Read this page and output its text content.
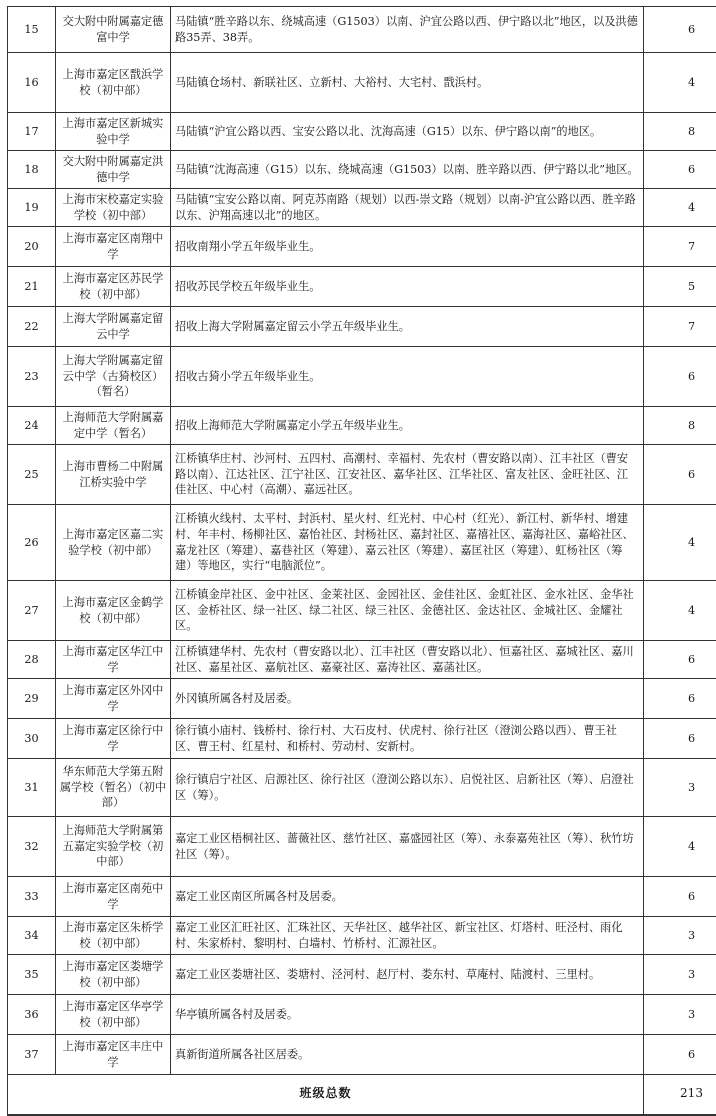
15	交大附中附属嘉定德富中学	马陆镇“胜辛路以东、绕城高速（G1503）以南、沪宜公路以西、伊宁路以北”地区，以及洪德路35弄、38弄。	6
16	上海市嘉定区戬浜学校（初中部）	马陆镇仓场村、新联社区、立新村、大裕村、大宅村、戬浜村。	4
17	上海市嘉定区新城实验中学	马陆镇“沪宜公路以西、宝安公路以北、沈海高速（G15）以东、伊宁路以南”的地区。	8
18	交大附中附属嘉定洪德中学	马陆镇“沈海高速（G15）以东、绕城高速（G1503）以南、胜辛路以西、伊宁路以北”地区。	6
19	上海市宋校嘉定实验学校（初中部）	马陆镇“宝安公路以南、阿克苏南路（规划）以西-崇文路（规划）以南-沪宜公路以西、胜辛路以东、沪翔高速以北”的地区。	4
20	上海市嘉定区南翔中学	招收南翔小学五年级毕业生。	7
21	上海市嘉定区苏民学校（初中部）	招收苏民学校五年级毕业生。	5
22	上海大学附属嘉定留云中学	招收上海大学附属嘉定留云小学五年级毕业生。	7
23	上海大学附属嘉定留云中学（古猗校区）（暂名）	招收古猗小学五年级毕业生。	6
24	上海师范大学附属嘉定中学（暂名）	招收上海师范大学附属嘉定小学五年级毕业生。	8
25	上海市曹杨二中附属江桥实验中学	江桥镇华庄村、沙河村、五四村、高潮村、幸福村、先农村（曹安路以南）、江丰社区（曹安路以南）、江达社区、江宁社区、江安社区、嘉华社区、江华社区、富友社区、金旺社区、江佳社区、中心村（高潮）、嘉远社区。	6
26	上海市嘉定区嘉二实验学校（初中部）	江桥镇火线村、太平村、封浜村、星火村、红光村、中心村（红光）、新江村、新华村、增建村、年丰村、杨柳社区、嘉怡社区、封杨社区、嘉封社区、嘉禧社区、嘉海社区、嘉峪社区、嘉龙社区（筹建）、嘉巷社区（筹建）、嘉云社区（筹建）、嘉匡社区（筹建）、虹杨社区（筹建）等地区，实行“电脑派位”。	4
27	上海市嘉定区金鹤学校（初中部）	江桥镇金岸社区、金中社区、金莱社区、金园社区、金佳社区、金虹社区、金水社区、金华社区、金桥社区、绿一社区、绿二社区、绿三社区、金德社区、金达社区、金城社区、金耀社区。	4
28	上海市嘉定区华江中学	江桥镇建华村、先农村（曹安路以北）、江丰社区（曹安路以北）、恒嘉社区、嘉城社区、嘉川社区、嘉星社区、嘉航社区、嘉豪社区、嘉涛社区、嘉菡社区。	6
29	上海市嘉定区外冈中学	外冈镇所属各村及居委。	6
30	上海市嘉定区徐行中学	徐行镇小庙村、钱桥村、徐行村、大石皮村、伏虎村、徐行社区（澄浏公路以西）、曹王社区、曹王村、红星村、和桥村、劳动村、安新村。	6
31	华东师范大学第五附属学校（暂名）（初中部）	徐行镇启宁社区、启源社区、徐行社区（澄浏公路以东）、启悦社区、启新社区（筹）、启澄社区（筹）。	3
32	上海师范大学附属第五嘉定实验学校（初中部）	嘉定工业区梧桐社区、蔷薇社区、慈竹社区、嘉盛园社区（筹）、永泰嘉苑社区（筹）、秋竹坊社区（筹）。	4
33	上海市嘉定区南苑中学	嘉定工业区南区所属各村及居委。	6
34	上海市嘉定区朱桥学校（初中部）	嘉定工业区汇旺社区、汇珠社区、天华社区、越华社区、新宝社区、灯塔村、旺泾村、雨化村、朱家桥村、黎明村、白墙村、竹桥村、汇源社区。	3
35	上海市嘉定区娄塘学校（初中部）	嘉定工业区娄塘社区、娄塘村、泾河村、赵厅村、娄东村、草庵村、陆渡村、三里村。	3
36	上海市嘉定区华亭学校（初中部）	华亭镇所属各村及居委。	3
37	上海市嘉定区丰庄中学	真新街道所属各社区居委。	6
班级总数			213
